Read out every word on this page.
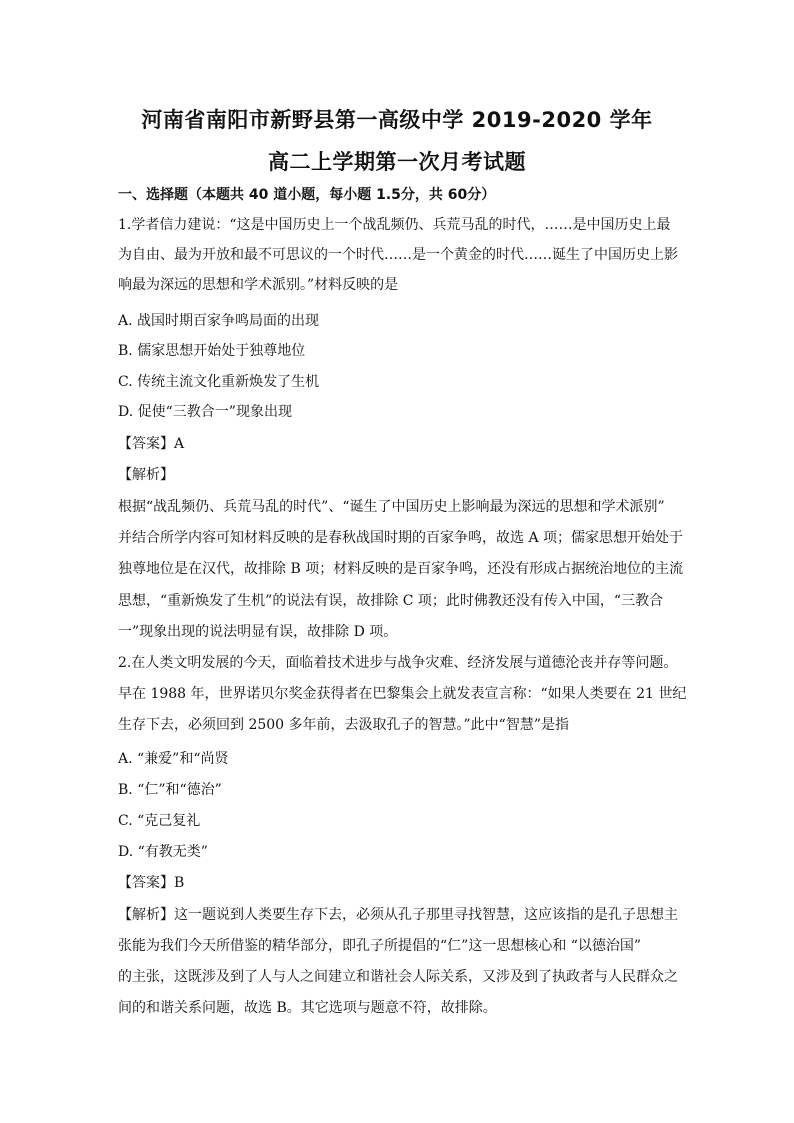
河南省南阳市新野县第一高级中学 2019-2020 学年
高二上学期第一次月考试题
一、选择题（本题共 40 道小题，每小题 1.5分，共 60分）
1.学者信力建说：“这是中国历史上一个战乱频仍、兵荒马乱的时代，……是中国历史上最
为自由、最为开放和最不可思议的一个时代……是一个黄金的时代……诞生了中国历史上影
响最为深远的思想和学术派别。”材料反映的是
A. 战国时期百家争鸣局面的出现
B. 儒家思想开始处于独尊地位
C. 传统主流文化重新焕发了生机
D. 促使“三教合一”现象出现
【答案】A
【解析】
根据“战乱频仍、兵荒马乱的时代”、“诞生了中国历史上影响最为深远的思想和学术派别”
并结合所学内容可知材料反映的是春秋战国时期的百家争鸣，故选 A 项；儒家思想开始处于
独尊地位是在汉代，故排除 B 项；材料反映的是百家争鸣，还没有形成占据统治地位的主流
思想，“重新焕发了生机”的说法有误，故排除 C 项；此时佛教还没有传入中国，“三教合
一”现象出现的说法明显有误，故排除 D 项。
2.在人类文明发展的今天，面临着技术进步与战争灾难、经济发展与道德沦丧并存等问题。
早在 1988 年，世界诺贝尔奖金获得者在巴黎集会上就发表宣言称：“如果人类要在 21 世纪
生存下去，必须回到 2500 多年前，去汲取孔子的智慧。”此中“智慧”是指
A. “兼爱”和“尚贤
B. “仁”和“德治”
C. “克己复礼
D. “有教无类”
【答案】B
【解析】这一题说到人类要生存下去，必须从孔子那里寻找智慧，这应该指的是孔子思想主
张能为我们今天所借鉴的精华部分，即孔子所提倡的“仁”这一思想核心和 “以德治国”
的主张，这既涉及到了人与人之间建立和谐社会人际关系，又涉及到了执政者与人民群众之
间的和谐关系问题，故选 B。其它选项与题意不符，故排除。
